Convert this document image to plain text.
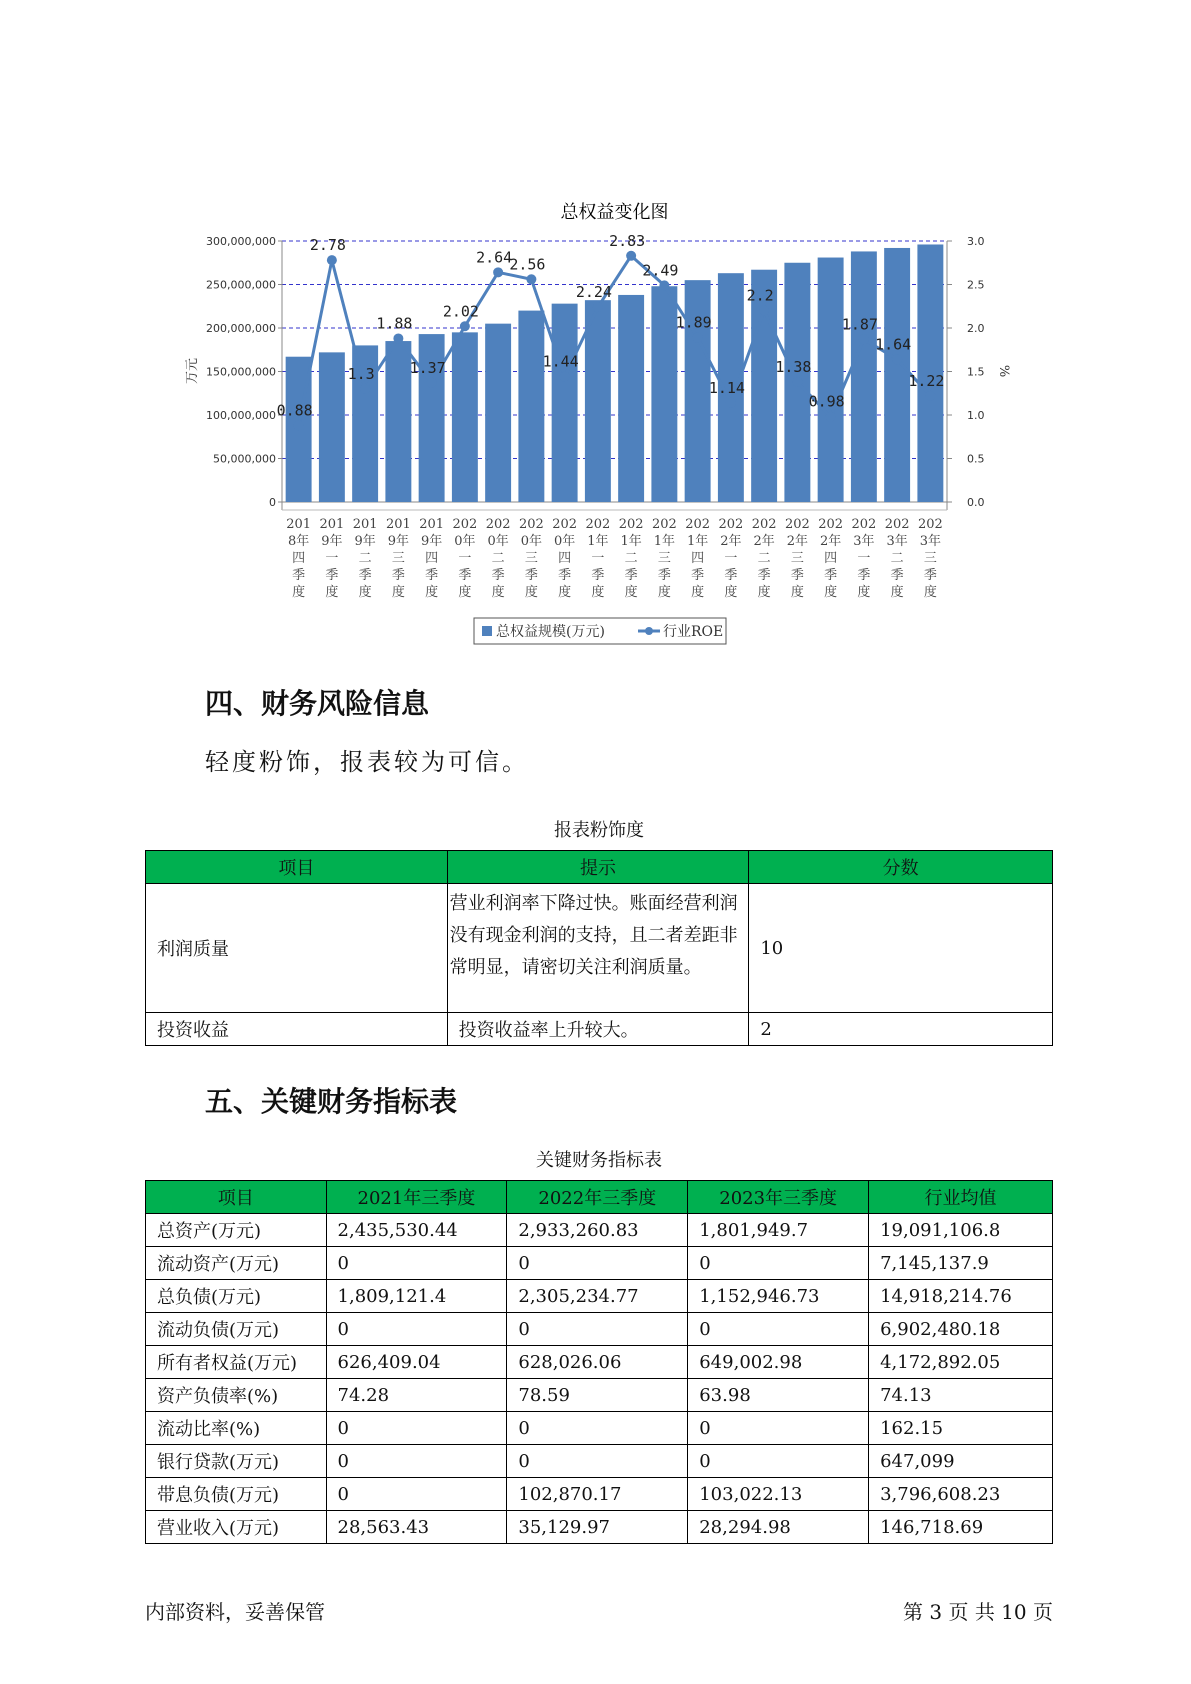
总权益变化图
0
50,000,000
100,000,000
150,000,000
200,000,000
250,000,000
300,000,000
0.0
0.5
1.0
1.5
2.0
2.5
3.0
万元	%
201
8年
四
季
度
201
9年
一
季
度
201
9年
二
季
度
201
9年
三
季
度
201
9年
四
季
度
202
0年
一
季
度
202
0年
二
季
度
202
0年
三
季
度
202
0年
四
季
度
202
1年
一
季
度
202
1年
二
季
度
202
1年
三
季
度
202
1年
四
季
度
202
2年
一
季
度
202
2年
二
季
度
202
2年
三
季
度
202
2年
四
季
度
202
3年
一
季
度
202
3年
二
季
度
202
3年
三
季
度
0.88
2.78
1.3
1.88
1.37
2.02
2.64
2.56
1.44
2.24
2.83
2.49
1.89
1.14
2.2
1.38
0.98
1.87
1.64
1.22
总权益规模(万元)	行业ROE
四、财务风险信息
轻度粉饰，报表较为可信。
报表粉饰度
项目	提示	分数
利润质量	营业利润率下降过快。账面经营利润没有现金利润的支持，且二者差距非常明显，请密切关注利润质量。	10
投资收益	投资收益率上升较大。	2
五、关键财务指标表
关键财务指标表
项目	2021年三季度	2022年三季度	2023年三季度	行业均值
总资产(万元)	2,435,530.44	2,933,260.83	1,801,949.7	19,091,106.8
流动资产(万元)	0	0	0	7,145,137.9
总负债(万元)	1,809,121.4	2,305,234.77	1,152,946.73	14,918,214.76
流动负债(万元)	0	0	0	6,902,480.18
所有者权益(万元)	626,409.04	628,026.06	649,002.98	4,172,892.05
资产负债率(%)	74.28	78.59	63.98	74.13
流动比率(%)	0	0	0	162.15
银行贷款(万元)	0	0	0	647,099
带息负债(万元)	0	102,870.17	103,022.13	3,796,608.23
营业收入(万元)	28,563.43	35,129.97	28,294.98	146,718.69
内部资料，妥善保管	第 3 页 共 10 页
